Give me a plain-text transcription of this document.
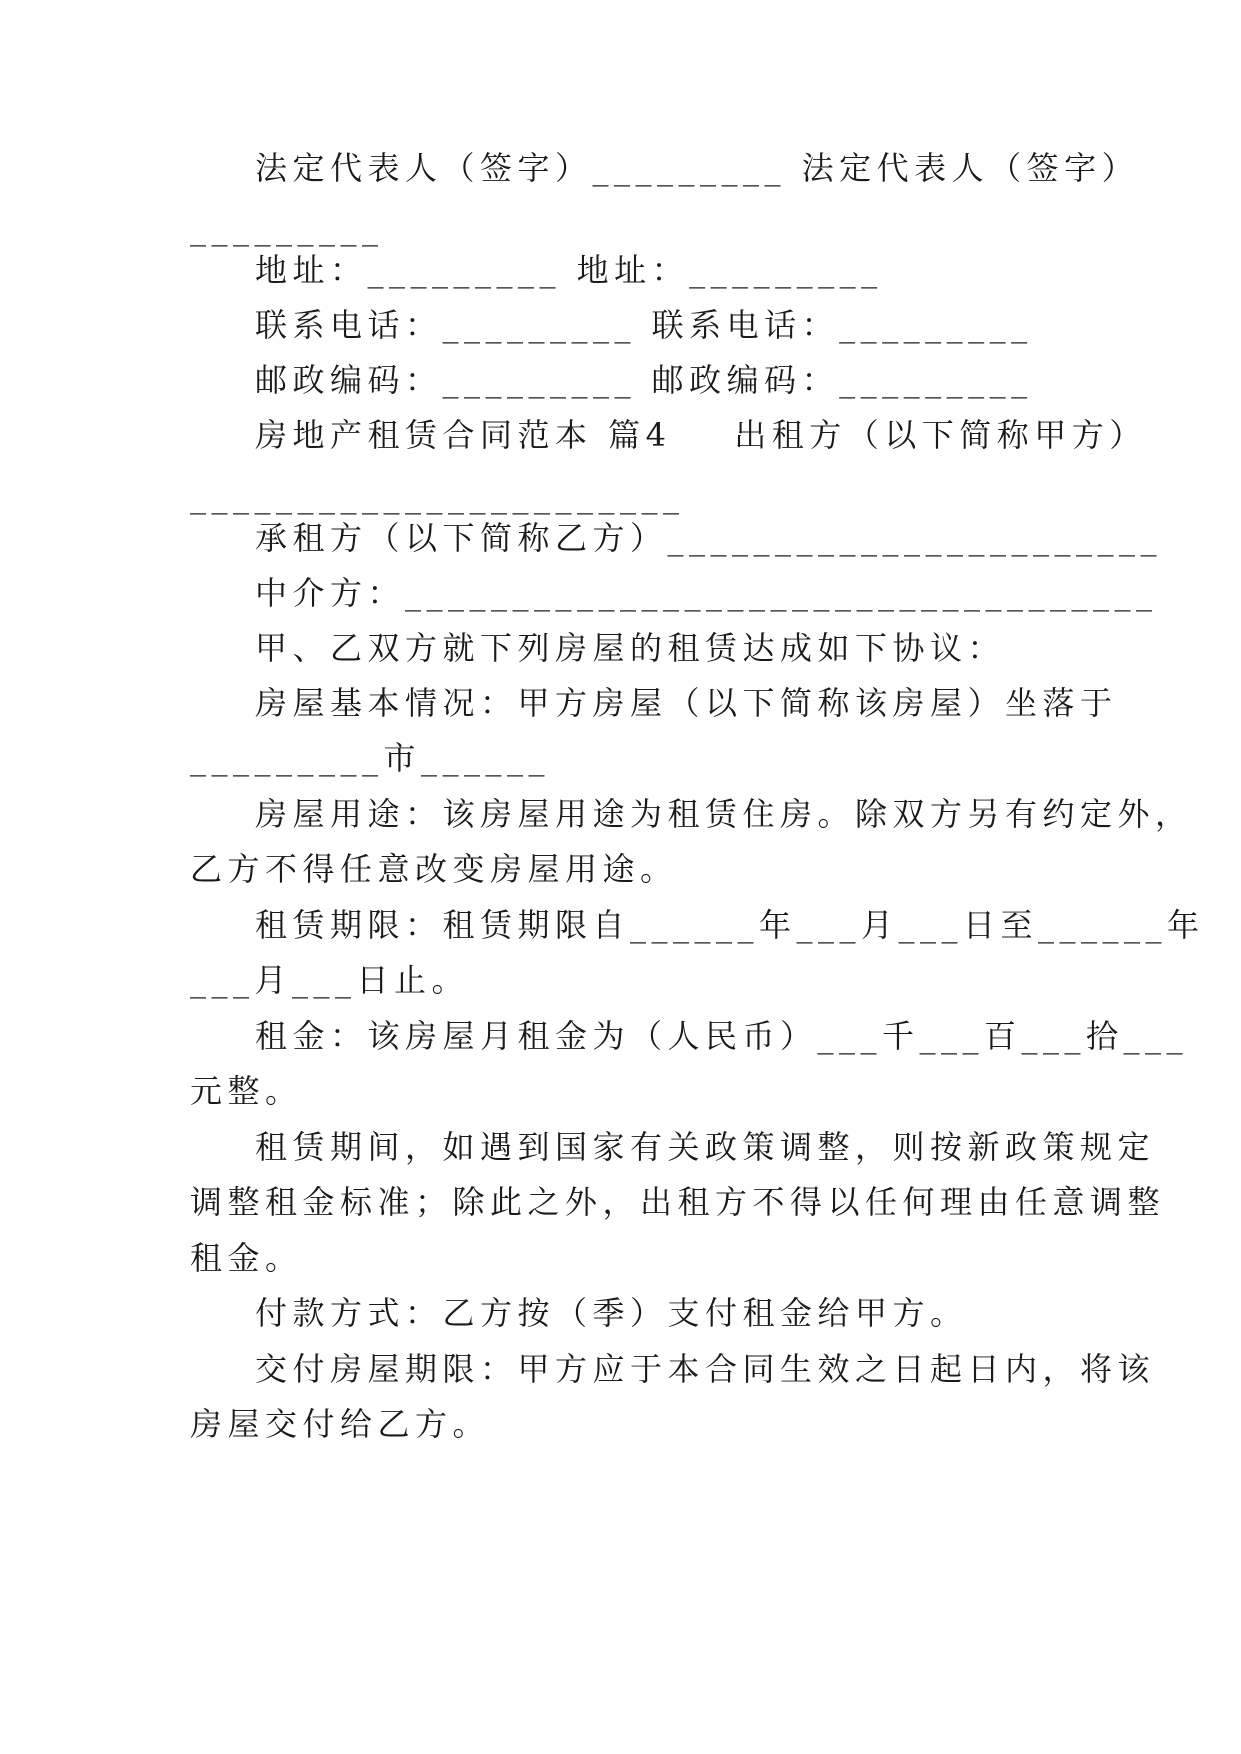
法定代表人（签字）_________ 法定代表人（签字）
_________
地址：_________ 地址：_________
联系电话：_________ 联系电话：_________
邮政编码：_________ 邮政编码：_________
房地产租赁合同范本 篇4    出租方（以下简称甲方）
_______________________
承租方（以下简称乙方）_______________________
中介方：___________________________________
甲、乙双方就下列房屋的租赁达成如下协议：
房屋基本情况：甲方房屋（以下简称该房屋）坐落于
_________市______
房屋用途：该房屋用途为租赁住房。除双方另有约定外，
乙方不得任意改变房屋用途。
租赁期限：租赁期限自______年___月___日至______年
___月___日止。
租金：该房屋月租金为（人民币）___千___百___拾___
元整。
租赁期间，如遇到国家有关政策调整，则按新政策规定
调整租金标准；除此之外，出租方不得以任何理由任意调整
租金。
付款方式：乙方按（季）支付租金给甲方。
交付房屋期限：甲方应于本合同生效之日起日内，将该
房屋交付给乙方。
